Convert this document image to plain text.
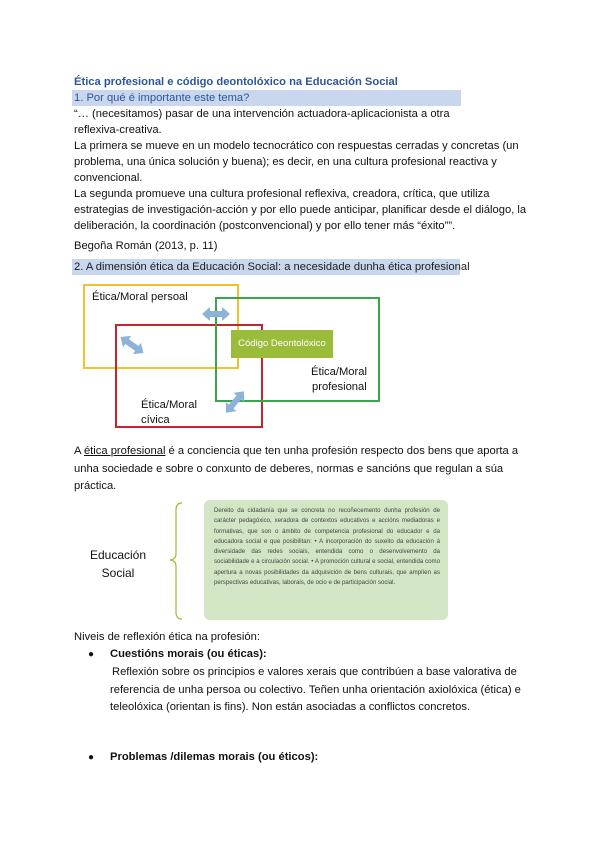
Ética profesional e código deontolóxico na Educación Social
1. Por qué é importante este tema?
“… (necesitamos) pasar de una intervención actuadora-aplicacionista a otra
reflexiva-creativa.
La primera se mueve en un modelo tecnocrático con respuestas cerradas y concretas (un
problema, una única solución y buena); es decir, en una cultura profesional reactiva y
convencional.
La segunda promueve una cultura profesional reflexiva, creadora, crítica, que utiliza
estrategias de investigación-acción y por ello puede anticipar, planificar desde el diálogo, la
deliberación, la coordinación (postconvencional) y por ello tener más “éxito””.
Begoña Román (2013, p. 11)
2. A dimensión ética da Educación Social: a necesidade dunha ética profesional
Ética/Moral persoal
Ética/Moral
cívica
Ética/Moral
profesional
Código Deontolóxico
A ética profesional é a conciencia que ten unha profesión respecto dos bens que aporta a
unha sociedade e sobre o conxunto de deberes, normas e sancións que regulan a súa
práctica.
Educación
Social
Dereito da cidadanía que se concreta no recoñecemento dunha profesión de carácter pedagóxico, xeradora de contextos educativos e accións mediadoras e formativas, que son o ámbito de competencia profesional do educador e da educadora social e que posibilitan: • A incorporación do suxeito da educación á diversidade das redes sociais, entendida como o desenvolvemento da sociabilidade e a circulación social. • A promoción cultural e social, entendida como apertura a novas posibilidades da adquisición de bens culturais, que amplíen as perspectivas educativas, laborais, de ocio e de participación social.
Niveis de reflexión ética na profesión:
● Cuestións morais (ou éticas):
Reflexión sobre os principios e valores xerais que contribúen a base valorativa de
referencia de unha persoa ou colectivo. Teñen unha orientación axiolóxica (ética) e
teleolóxica (orientan is fins). Non están asociadas a conflictos concretos.
● Problemas /dilemas morais (ou éticos):
